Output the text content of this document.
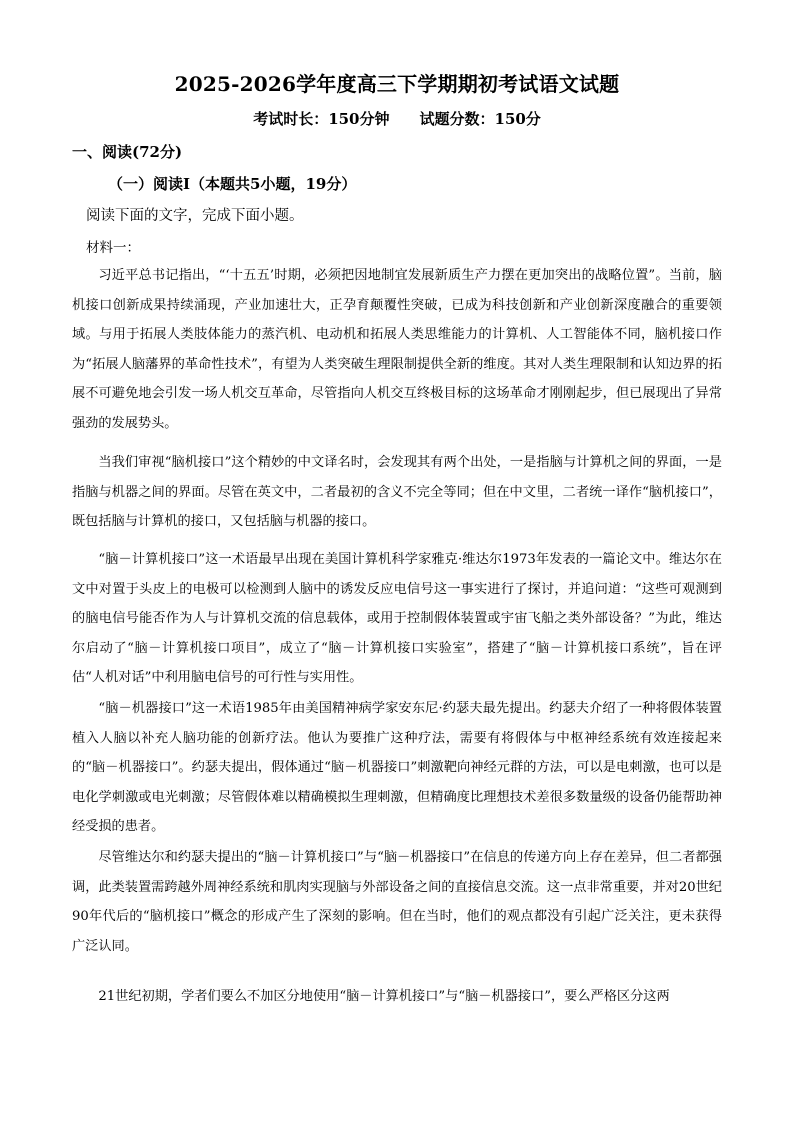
2025-2026学年度高三下学期期初考试语文试题
考试时长：150分钟 试题分数：150分
一、阅读(72分)
（一）阅读Ⅰ（本题共5小题，19分）
阅读下面的文字，完成下面小题。
材料一：

习近平总书记指出，“‘十五五’时期，必须把因地制宜发展新质生产力摆在更加突出的战略位置”。当前，脑机接口创新成果持续涌现，产业加速壮大，正孕育颠覆性突破，已成为科技创新和产业创新深度融合的重要领域。与用于拓展人类肢体能力的蒸汽机、电动机和拓展人类思维能力的计算机、人工智能体不同，脑机接口作为“拓展人脑藩界的革命性技术”，有望为人类突破生理限制提供全新的维度。其对人类生理限制和认知边界的拓展不可避免地会引发一场人机交互革命，尽管指向人机交互终极目标的这场革命才刚刚起步，但已展现出了异常强劲的发展势头。

当我们审视“脑机接口”这个精妙的中文译名时，会发现其有两个出处，一是指脑与计算机之间的界面，一是指脑与机器之间的界面。尽管在英文中，二者最初的含义不完全等同；但在中文里，二者统一译作“脑机接口”，既包括脑与计算机的接口，又包括脑与机器的接口。

“脑－计算机接口”这一术语最早出现在美国计算机科学家雅克·维达尔1973年发表的一篇论文中。维达尔在文中对置于头皮上的电极可以检测到人脑中的诱发反应电信号这一事实进行了探讨，并追问道：“这些可观测到的脑电信号能否作为人与计算机交流的信息载体，或用于控制假体装置或宇宙飞船之类外部设备？”为此，维达尔启动了“脑－计算机接口项目”，成立了“脑－计算机接口实验室”，搭建了“脑－计算机接口系统”，旨在评估“人机对话”中利用脑电信号的可行性与实用性。

“脑－机器接口”这一术语1985年由美国精神病学家安东尼·约瑟夫最先提出。约瑟夫介绍了一种将假体装置植入人脑以补充人脑功能的创新疗法。他认为要推广这种疗法，需要有将假体与中枢神经系统有效连接起来的“脑－机器接口”。约瑟夫提出，假体通过“脑－机器接口”刺激靶向神经元群的方法，可以是电刺激，也可以是电化学刺激或电光刺激；尽管假体难以精确模拟生理刺激，但精确度比理想技术差很多数量级的设备仍能帮助神经受损的患者。

尽管维达尔和约瑟夫提出的“脑－计算机接口”与“脑－机器接口”在信息的传递方向上存在差异，但二者都强调，此类装置需跨越外周神经系统和肌肉实现脑与外部设备之间的直接信息交流。这一点非常重要，并对20世纪90年代后的“脑机接口”概念的形成产生了深刻的影响。但在当时，他们的观点都没有引起广泛关注，更未获得广泛认同。

21世纪初期，学者们要么不加区分地使用“脑－计算机接口”与“脑－机器接口”，要么严格区分这两
